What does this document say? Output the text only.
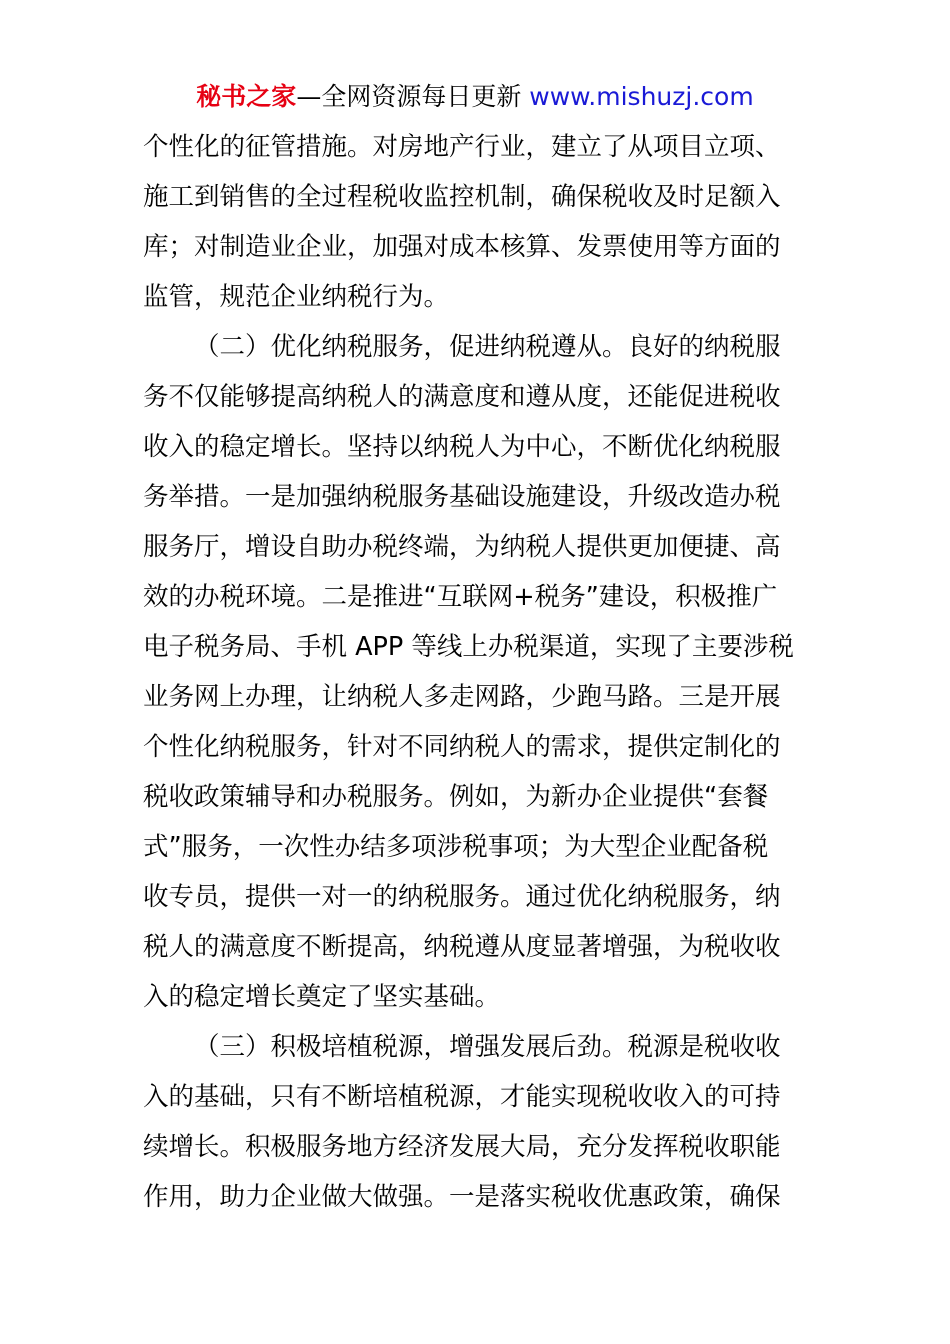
秘书之家—全网资源每日更新 www.mishuzj.com
个性化的征管措施。对房地产行业，建立了从项目立项、
施工到销售的全过程税收监控机制，确保税收及时足额入
库；对制造业企业，加强对成本核算、发票使用等方面的
监管，规范企业纳税行为。
（二）优化纳税服务，促进纳税遵从。良好的纳税服
务不仅能够提高纳税人的满意度和遵从度，还能促进税收
收入的稳定增长。坚持以纳税人为中心，不断优化纳税服
务举措。一是加强纳税服务基础设施建设，升级改造办税
服务厅，增设自助办税终端，为纳税人提供更加便捷、高
效的办税环境。二是推进“互联网+税务”建设，积极推广
电子税务局、手机 APP 等线上办税渠道，实现了主要涉税
业务网上办理，让纳税人多走网路，少跑马路。三是开展
个性化纳税服务，针对不同纳税人的需求，提供定制化的
税收政策辅导和办税服务。例如，为新办企业提供“套餐
式”服务，一次性办结多项涉税事项；为大型企业配备税
收专员，提供一对一的纳税服务。通过优化纳税服务，纳
税人的满意度不断提高，纳税遵从度显著增强，为税收收
入的稳定增长奠定了坚实基础。
（三）积极培植税源，增强发展后劲。税源是税收收
入的基础，只有不断培植税源，才能实现税收收入的可持
续增长。积极服务地方经济发展大局，充分发挥税收职能
作用，助力企业做大做强。一是落实税收优惠政策，确保
